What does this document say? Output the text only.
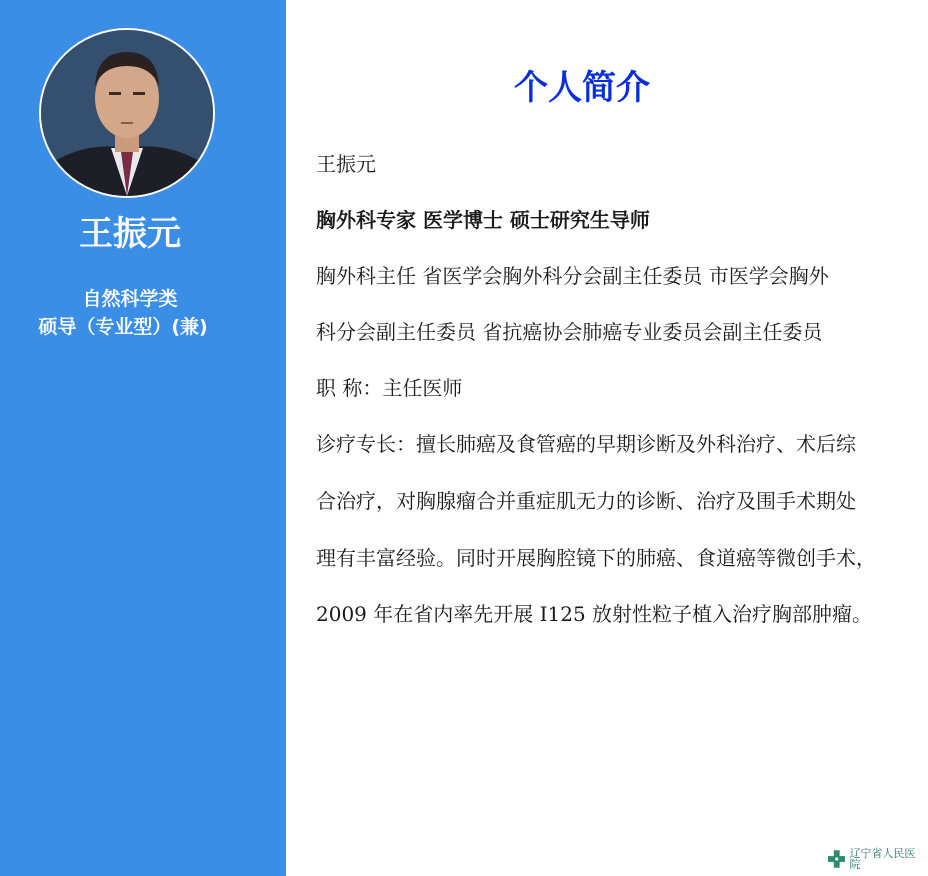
王振元
自然科学类
硕导（专业型）(兼)
个人简介
王振元
胸外科专家 医学博士 硕士研究生导师
胸外科主任 省医学会胸外科分会副主任委员 市医学会胸外
科分会副主任委员 省抗癌协会肺癌专业委员会副主任委员
职 称：主任医师
诊疗专长：擅长肺癌及食管癌的早期诊断及外科治疗、术后综
合治疗，对胸腺瘤合并重症肌无力的诊断、治疗及围手术期处
理有丰富经验。同时开展胸腔镜下的肺癌、食道癌等微创手术，
2009 年在省内率先开展 I125 放射性粒子植入治疗胸部肿瘤。
辽宁省人民医院
